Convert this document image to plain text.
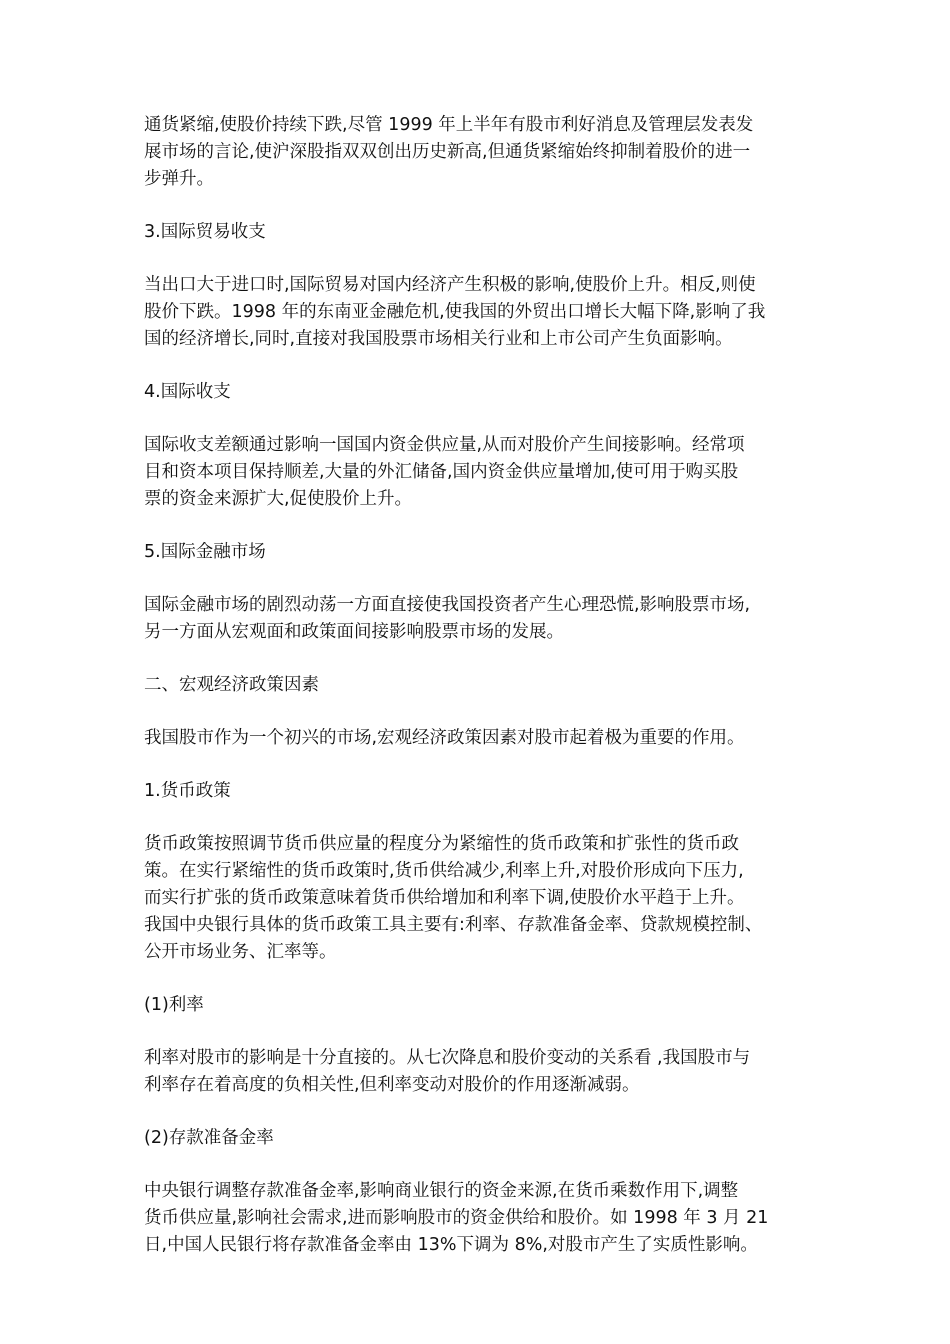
通货紧缩,使股价持续下跌,尽管 1999 年上半年有股市利好消息及管理层发表发
展市场的言论,使沪深股指双双创出历史新高,但通货紧缩始终抑制着股价的进一
步弹升。
3.国际贸易收支
当出口大于进口时,国际贸易对国内经济产生积极的影响,使股价上升。相反,则使
股价下跌。1998 年的东南亚金融危机,使我国的外贸出口增长大幅下降,影响了我
国的经济增长,同时,直接对我国股票市场相关行业和上市公司产生负面影响。
4.国际收支
国际收支差额通过影响一国国内资金供应量,从而对股价产生间接影响。经常项
目和资本项目保持顺差,大量的外汇储备,国内资金供应量增加,使可用于购买股
票的资金来源扩大,促使股价上升。
5.国际金融市场
国际金融市场的剧烈动荡一方面直接使我国投资者产生心理恐慌,影响股票市场,
另一方面从宏观面和政策面间接影响股票市场的发展。
二、宏观经济政策因素
我国股市作为一个初兴的市场,宏观经济政策因素对股市起着极为重要的作用。
1.货币政策
货币政策按照调节货币供应量的程度分为紧缩性的货币政策和扩张性的货币政
策。在实行紧缩性的货币政策时,货币供给减少,利率上升,对股价形成向下压力,
而实行扩张的货币政策意味着货币供给增加和利率下调,使股价水平趋于上升。
我国中央银行具体的货币政策工具主要有:利率、存款准备金率、贷款规模控制、
公开市场业务、汇率等。
(1)利率
利率对股市的影响是十分直接的。从七次降息和股价变动的关系看 ,我国股市与
利率存在着高度的负相关性,但利率变动对股价的作用逐渐减弱。
(2)存款准备金率
中央银行调整存款准备金率,影响商业银行的资金来源,在货币乘数作用下,调整
货币供应量,影响社会需求,进而影响股市的资金供给和股价。如 1998 年 3 月 21
日,中国人民银行将存款准备金率由 13%下调为 8%,对股市产生了实质性影响。
